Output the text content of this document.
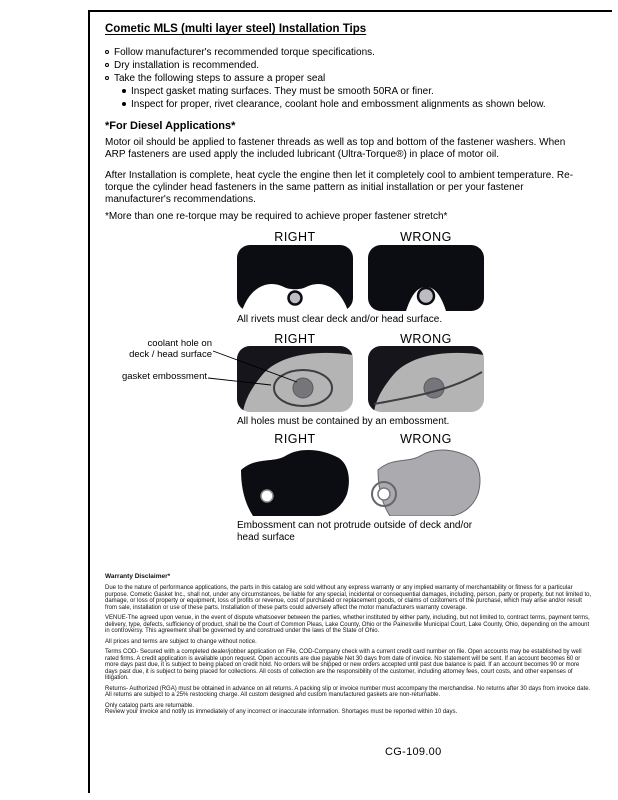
Cometic MLS (multi layer steel) Installation Tips
Follow manufacturer's recommended torque specifications.
Dry installation is recommended.
Take the following steps to assure a proper seal
Inspect gasket mating surfaces. They must be smooth 50RA or finer.
Inspect for proper, rivet clearance, coolant hole and embossment alignments as shown below.
*For Diesel Applications*

Motor oil should be applied to fastener threads as well as top and bottom of the fastener washers. When ARP fasteners are used apply the included lubricant (Ultra-Torque®) in place of motor oil.

After Installation is complete, heat cycle the engine then let it completely cool to ambient temperature. Re-torque the cylinder head fasteners in the same pattern as initial installation or per your fastener manufacturer's recommendations.

*More than one re-torque may be required to achieve proper fastener stretch*

RIGHT	WRONG
All rivets must clear deck and/or head surface.
RIGHT	WRONG
coolant hole on
deck / head surface
gasket embossment
All holes must be contained by an embossment.
RIGHT	WRONG
Embossment can not protrude outside of deck and/or head surface
Warranty Disclaimer*

Due to the nature of performance applications, the parts in this catalog are sold without any express warranty or any implied warranty of merchantability or fitness for a particular purpose. Cometic Gasket Inc., shall not, under any circumstances, be liable for any special, incidental or consequential damages, including, person, party or property, but not limited to, damage, or loss of property or equipment, loss of profits or revenue, cost of purchased or replacement goods, or claims of customers of the purchase, which may arise and/or result from sale, installation or use of these parts. Installation of these parts could adversely affect the motor manufacturers warranty coverage.

VENUE-The agreed upon venue, in the event of dispute whatsoever between the parties, whether instituted by either party, including, but not limited to, contract terms, payment terms, delivery, type, defects, sufficiency of product, shall be the Court of Common Pleas, Lake County, Ohio or the Painesville Municipal Court, Lake County, Ohio, depending on the amount in controversy. This agreement shall be governed by and construed under the laws of the State of Ohio.

All prices and terms are subject to change without notice.

Terms COD- Secured with a completed dealer/jobber application on File, COD-Company check with a current credit card number on file. Open accounts may be established by well rated firms. A credit application is available upon request. Open accounts are due payable Net 30 days from date of invoice. No statement will be sent. If an account becomes 60 or more days past due, it is subject to being placed on credit hold. No orders will be shipped or new orders accepted until past due balance is paid. If an account becomes 90 or more days past due, it is subject to being placed for collections. All costs of collection are the responsibility of the customer, including attorney fees, court costs, and other expenses of litigation.

Returns- Authorized (RGA) must be obtained in advance on all returns. A packing slip or invoice number must accompany the merchandise. No returns after 30 days from invoice date. All returns are subject to a 25% restocking charge. All custom designed and custom manufactured gaskets are non-returnable.

Only catalog parts are returnable.

Review your invoice and notify us immediately of any incorrect or inaccurate information. Shortages must be reported within 10 days.

CG-109.00
